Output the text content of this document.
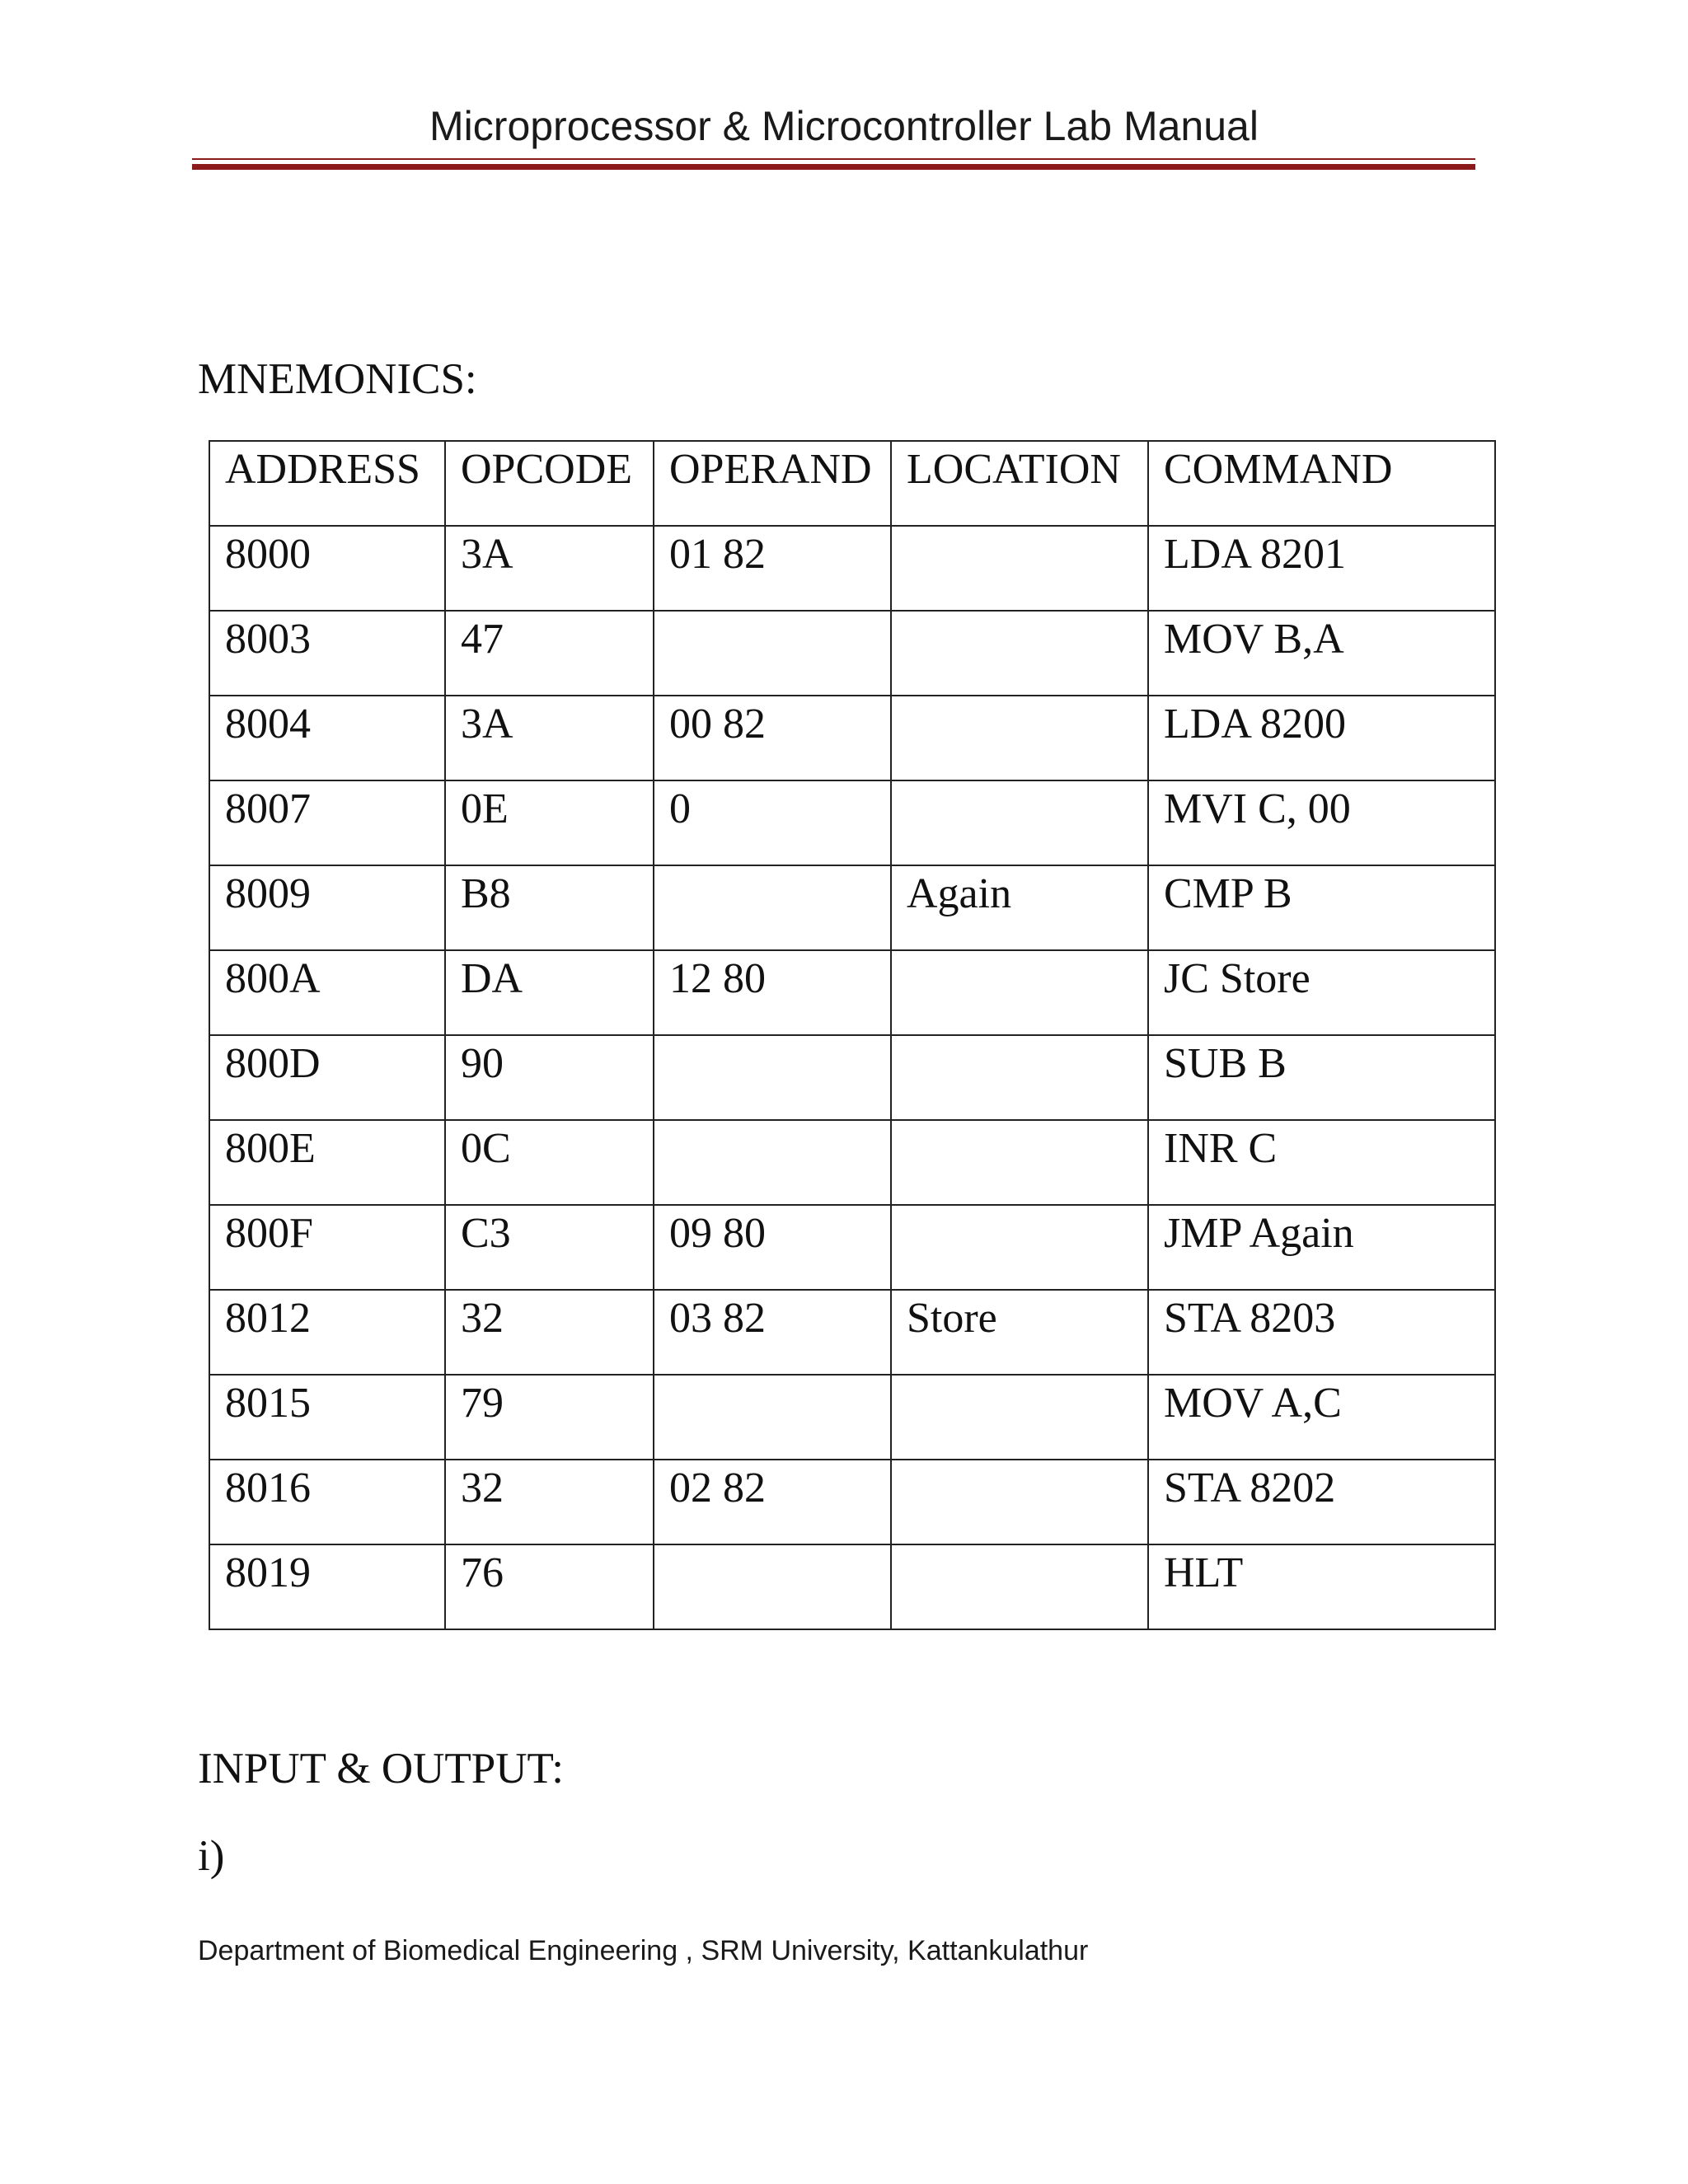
Microprocessor & Microcontroller Lab Manual
MNEMONICS:
ADDRESS	OPCODE	OPERAND	LOCATION	COMMAND
8000	3A	01 82		LDA 8201
8003	47			MOV B,A
8004	3A	00 82		LDA 8200
8007	0E	0		MVI C, 00
8009	B8		Again	CMP B
800A	DA	12 80		JC Store
800D	90			SUB B
800E	0C			INR C
800F	C3	09 80		JMP Again
8012	32	03 82	Store	STA 8203
8015	79			MOV A,C
8016	32	02 82		STA 8202
8019	76			HLT
INPUT & OUTPUT:
i)
Department of Biomedical Engineering , SRM University, Kattankulathur
